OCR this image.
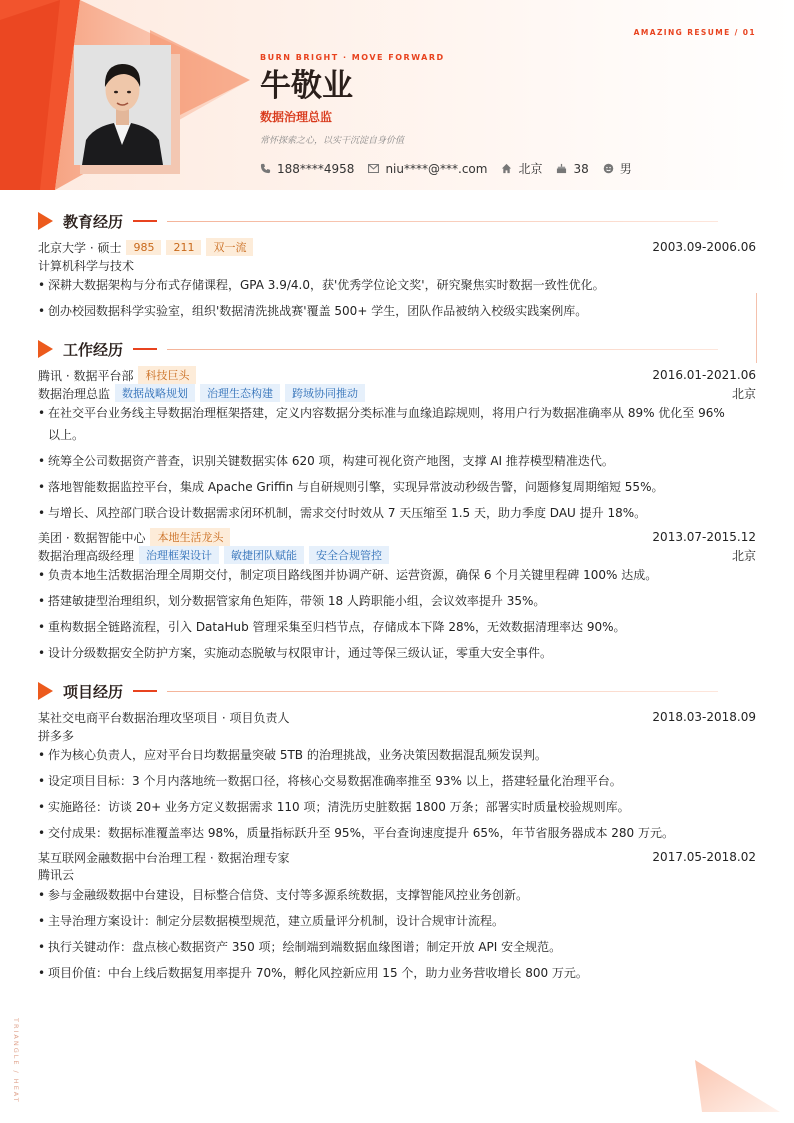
AMAZING RESUME / 01
BURN BRIGHT · MOVE FORWARD
牛敬业
数据治理总监
常怀探索之心，以实干沉淀自身价值
188****4958	niu****@***.com	北京	38	男
教育经历
北京大学 · 硕士	985	211	双一流	2003.09-2006.06
计算机科学与技术
• 深耕大数据架构与分布式存储课程，GPA 3.9/4.0，获'优秀学位论文奖'，研究聚焦实时数据一致性优化。
• 创办校园数据科学实验室，组织'数据清洗挑战赛'覆盖 500+ 学生，团队作品被纳入校级实践案例库。
工作经历
腾讯 · 数据平台部	科技巨头	2016.01-2021.06
数据治理总监	数据战略规划	治理生态构建	跨域协同推动	北京
• 在社交平台业务线主导数据治理框架搭建，定义内容数据分类标准与血缘追踪规则，将用户行为数据准确率从 89% 优化至 96% 以上。
• 统筹全公司数据资产普查，识别关键数据实体 620 项，构建可视化资产地图，支撑 AI 推荐模型精准迭代。
• 落地智能数据监控平台，集成 Apache Griffin 与自研规则引擎，实现异常波动秒级告警，问题修复周期缩短 55%。
• 与增长、风控部门联合设计数据需求闭环机制，需求交付时效从 7 天压缩至 1.5 天，助力季度 DAU 提升 18%。
美团 · 数据智能中心	本地生活龙头	2013.07-2015.12
数据治理高级经理	治理框架设计	敏捷团队赋能	安全合规管控	北京
• 负责本地生活数据治理全周期交付，制定项目路线图并协调产研、运营资源，确保 6 个月关键里程碑 100% 达成。
• 搭建敏捷型治理组织，划分数据管家角色矩阵，带领 18 人跨职能小组，会议效率提升 35%。
• 重构数据全链路流程，引入 DataHub 管理采集至归档节点，存储成本下降 28%，无效数据清理率达 90%。
• 设计分级数据安全防护方案，实施动态脱敏与权限审计，通过等保三级认证，零重大安全事件。
项目经历
某社交电商平台数据治理攻坚项目 · 项目负责人	2018.03-2018.09
拼多多
• 作为核心负责人，应对平台日均数据量突破 5TB 的治理挑战，业务决策因数据混乱频发误判。
• 设定项目目标：3 个月内落地统一数据口径，将核心交易数据准确率推至 93% 以上，搭建轻量化治理平台。
• 实施路径：访谈 20+ 业务方定义数据需求 110 项；清洗历史脏数据 1800 万条；部署实时质量校验规则库。
• 交付成果：数据标准覆盖率达 98%，质量指标跃升至 95%，平台查询速度提升 65%，年节省服务器成本 280 万元。
某互联网金融数据中台治理工程 · 数据治理专家	2017.05-2018.02
腾讯云
• 参与金融级数据中台建设，目标整合信贷、支付等多源系统数据，支撑智能风控业务创新。
• 主导治理方案设计：制定分层数据模型规范，建立质量评分机制，设计合规审计流程。
• 执行关键动作：盘点核心数据资产 350 项；绘制端到端数据血缘图谱；制定开放 API 安全规范。
• 项目价值：中台上线后数据复用率提升 70%，孵化风控新应用 15 个，助力业务营收增长 800 万元。
TRIANGLE / HEAT
